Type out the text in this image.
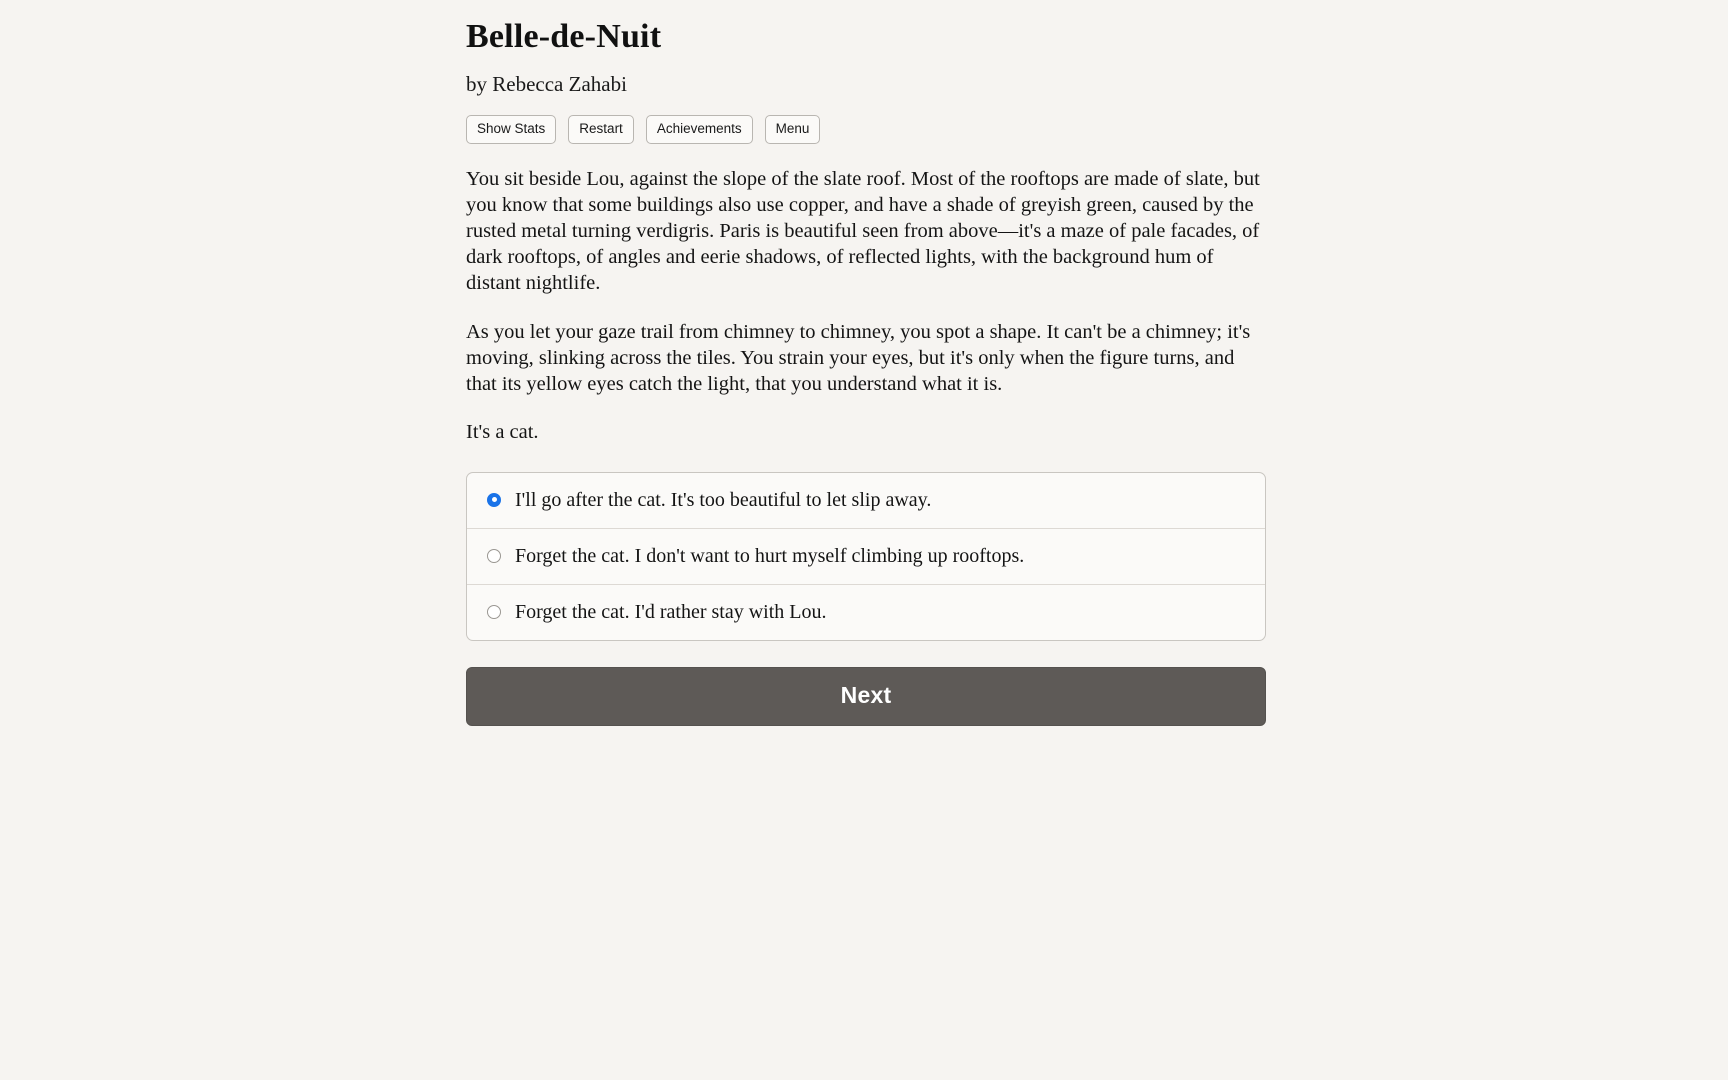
Belle-de-Nuit
by Rebecca Zahabi
Show Stats	Restart	Achievements	Menu

You sit beside Lou, against the slope of the slate roof. Most of the rooftops are made of slate, but you know that some buildings also use copper, and have a shade of greyish green, caused by the rusted metal turning verdigris. Paris is beautiful seen from above—it's a maze of pale facades, of dark rooftops, of angles and eerie shadows, of reflected lights, with the background hum of distant nightlife.

As you let your gaze trail from chimney to chimney, you spot a shape. It can't be a chimney; it's moving, slinking across the tiles. You strain your eyes, but it's only when the figure turns, and that its yellow eyes catch the light, that you understand what it is.

It's a cat.

I'll go after the cat. It's too beautiful to let slip away.
Forget the cat. I don't want to hurt myself climbing up rooftops.
Forget the cat. I'd rather stay with Lou.
Next
